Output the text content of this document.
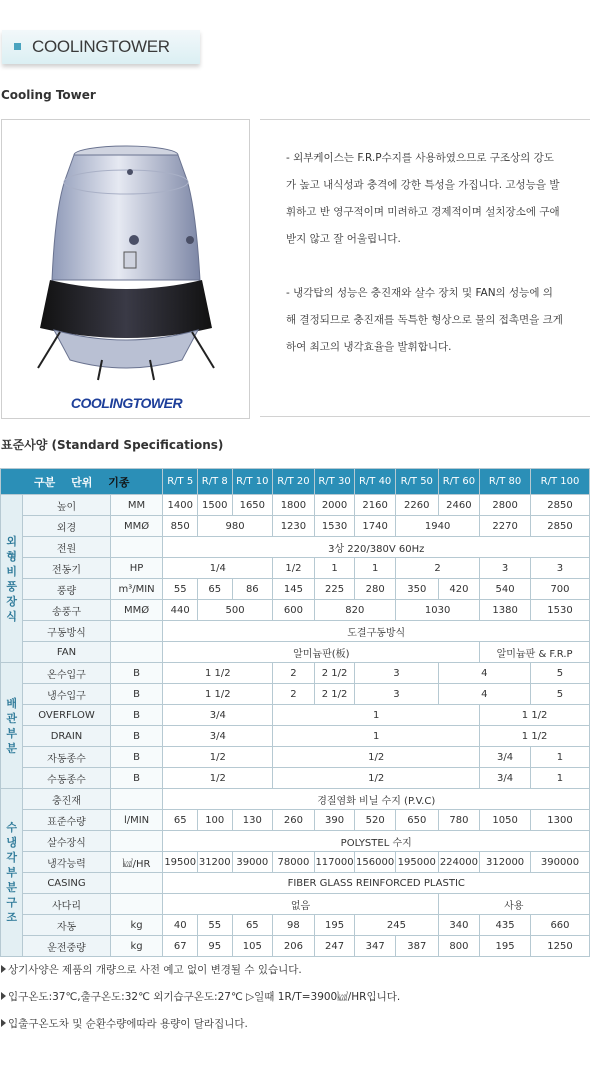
COOLINGTOWER
Cooling Tower
COOLINGTOWER

- 외부케이스는 F.R.P수지를 사용하였으므로 구조상의 강도
가 높고 내식성과 충격에 강한 특성을 가집니다. 고성능을 발
휘하고 반 영구적이며 미려하고 경제적이며 설치장소에 구애
받지 않고 잘 어울립니다.

- 냉각탑의 성능은 충진재와 살수 장치 및 FAN의 성능에 의
해 결정되므로 충진재를 독특한 형상으로 물의 접촉면을 크게
하여 최고의 냉각효율을 발휘합니다.

표준사양 (Standard Specifications)
구분 단위 기종			R/T 5	R/T 8	R/T 10	R/T 20	R/T 30	R/T 40	R/T 50	R/T 60	R/T 80	R/T 100
외 형 비 풍 장 식	높이	MM	1400	1500	1650	1800	2000	2160	2260	2460	2800	2850
	외경	MMØ	850	980		1230	1530	1740	1940		2270	2850
	전원		3상 220/380V 60Hz									
	전동기	HP	1/4			1/2	1	1	2		3	3
	풍량	m³/MIN	55	65	86	145	225	280	350	420	540	700
	송풍구	MMØ	440	500		600	820		1030		1380	1530
	구동방식		도결구동방식									
	FAN		알미늄판(板)								알미늄판 & F.R.P	
배 관 부 분	온수입구	B	1 1/2			2	2 1/2	3		4		5
	냉수입구	B	1 1/2			2	2 1/2	3		4		5
	OVERFLOW	B	3/4			1					1 1/2	
	DRAIN	B	3/4			1					1 1/2	
	자동종수	B	1/2			1/2					3/4	1
	수동종수	B	1/2			1/2					3/4	1
수 냉 각 부 분 구 조	충진재		경질염화 비닐 수지 (P.V.C)									
	표준수량	l/MIN	65	100	130	260	390	520	650	780	1050	1300
	살수장식		POLYSTEL 수지									
	냉각능력	㎉/HR	19500	31200	39000	78000	117000	156000	195000	224000	312000	390000
	CASING		FIBER GLASS REINFORCED PLASTIC									
	사다리		없음							사용		
	자동	kg	40	55	65	98	195	245		340	435	660
	운전중량	kg	67	95	105	206	247	347	387	800	195	1250
상기사양은 제품의 개량으로 사전 예고 없이 변경될 수 있습니다.
입구온도:37℃,출구온도:32℃ 외기습구온도:27℃ ▷일때 1R/T=3900㎉/HR입니다.
입출구온도차 및 순환수량에따라 용량이 달라집니다.
